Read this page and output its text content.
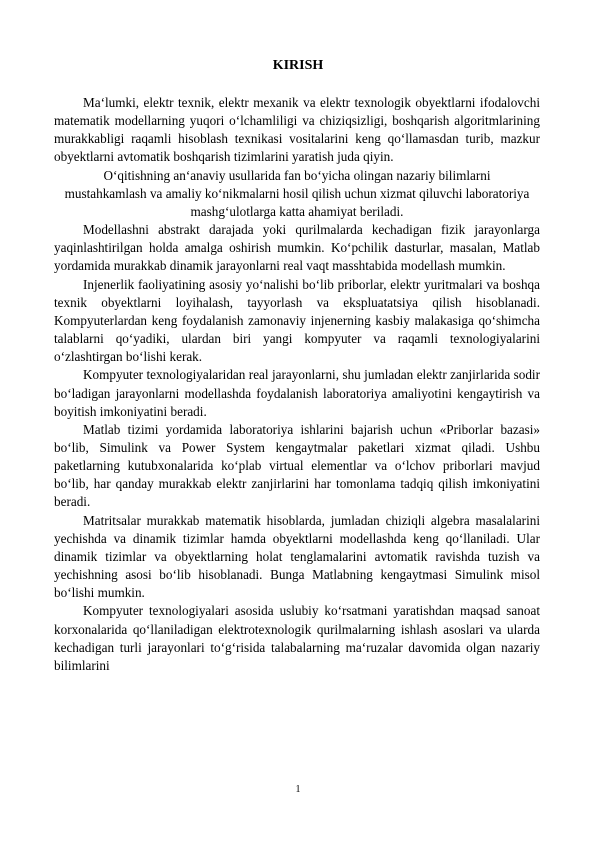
KIRISH

Ma‘lumki, elektr texnik, elektr mexanik va elektr texnologik obyektlarni ifodalovchi matematik modellarning yuqori o‘lchamliligi va chiziqsizligi, boshqarish algoritmlarining murakkabligi raqamli hisoblash texnikasi vositalarini keng qo‘llamasdan turib, mazkur obyektlarni avtomatik boshqarish tizimlarini yaratish juda qiyin.

O‘qitishning an‘anaviy usullarida fan bo‘yicha olingan nazariy bilimlarni mustahkamlash va amaliy ko‘nikmalarni hosil qilish uchun xizmat qiluvchi laboratoriya mashg‘ulotlarga katta ahamiyat beriladi.

Modellashni abstrakt darajada yoki qurilmalarda kechadigan fizik jarayonlarga yaqinlashtirilgan holda amalga oshirish mumkin. Ko‘pchilik dasturlar, masalan, Matlab yordamida murakkab dinamik jarayonlarni real vaqt masshtabida modellash mumkin.

Injenerlik faoliyatining asosiy yo‘nalishi bo‘lib priborlar, elektr yuritmalari va boshqa texnik obyektlarni loyihalash, tayyorlash va ekspluatatsiya qilish hisoblanadi. Kompyuterlardan keng foydalanish zamonaviy injenerning kasbiy malakasiga qo‘shimcha talablarni qo‘yadiki, ulardan biri yangi kompyuter va raqamli texnologiyalarini o‘zlashtirgan bo‘lishi kerak.

Kompyuter texnologiyalaridan real jarayonlarni, shu jumladan elektr zanjirlarida sodir bo‘ladigan jarayonlarni modellashda foydalanish laboratoriya amaliyotini kengaytirish va boyitish imkoniyatini beradi.

Matlab tizimi yordamida laboratoriya ishlarini bajarish uchun «Priborlar bazasi» bo‘lib, Simulink va Power System kengaytmalar paketlari xizmat qiladi. Ushbu paketlarning kutubxonalarida ko‘plab virtual elementlar va o‘lchov priborlari mavjud bo‘lib, har qanday murakkab elektr zanjirlarini har tomonlama tadqiq qilish imkoniyatini beradi.

Matritsalar murakkab matematik hisoblarda, jumladan chiziqli algebra masalalarini yechishda va dinamik tizimlar hamda obyektlarni modellashda keng qo‘llaniladi. Ular dinamik tizimlar va obyektlarning holat tenglamalarini avtomatik ravishda tuzish va yechishning asosi bo‘lib hisoblanadi. Bunga Matlabning kengaytmasi Simulink misol bo‘lishi mumkin.

Kompyuter texnologiyalari asosida uslubiy ko‘rsatmani yaratishdan maqsad sanoat korxonalarida qo‘llaniladigan elektrotexnologik qurilmalarning ishlash asoslari va ularda kechadigan turli jarayonlari to‘g‘risida talabalarning ma‘ruzalar davomida olgan nazariy bilimlarini

1
